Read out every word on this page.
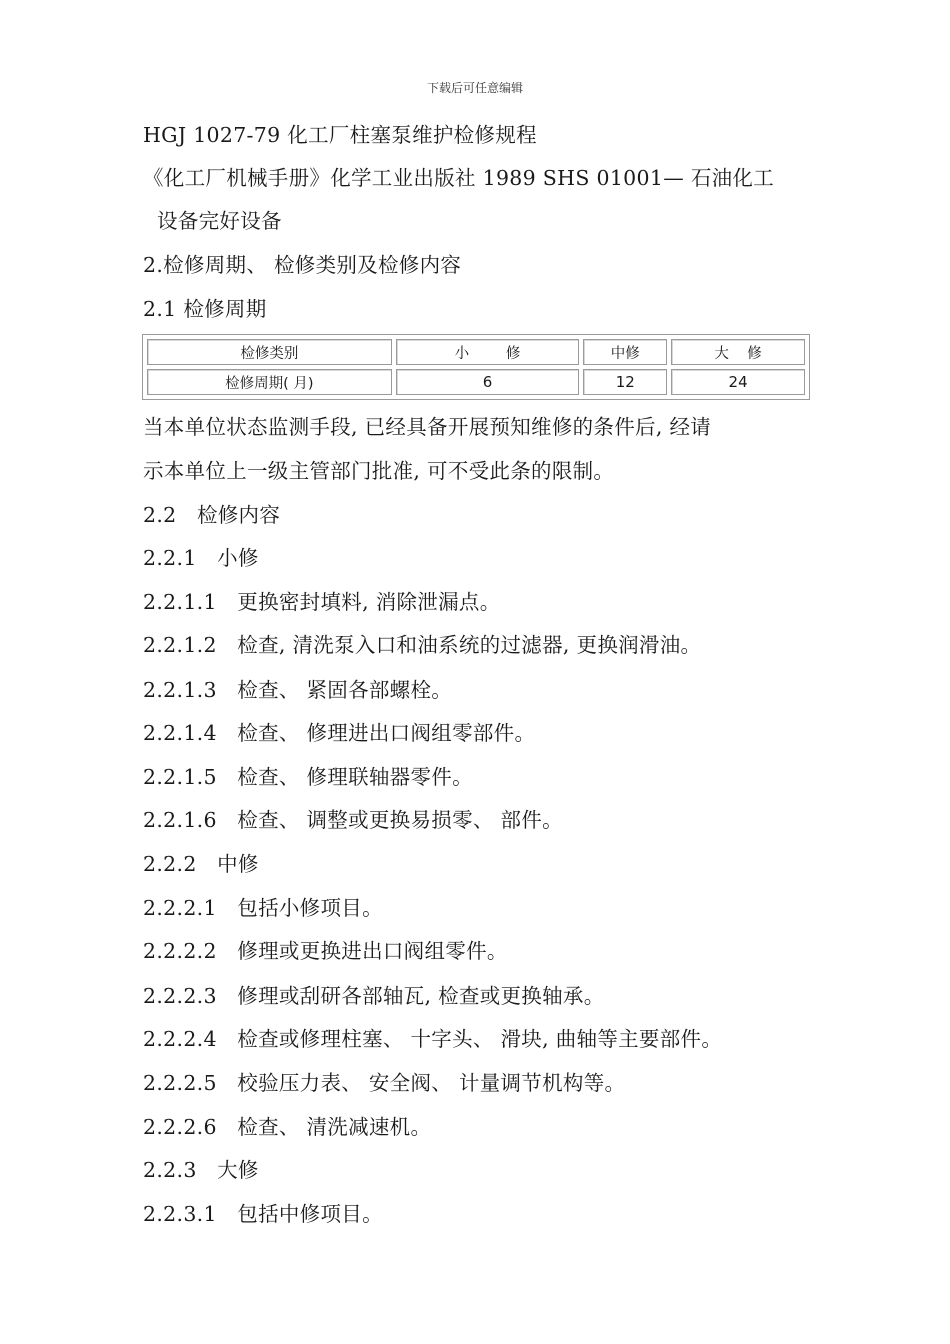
下载后可任意编辑
HGJ 1027-79 化工厂柱塞泵维护检修规程
《化工厂机械手册》化学工业出版社 1989 SHS 01001— 石油化工
设备完好设备
2.检修周期、 检修类别及检修内容
2.1 检修周期
检修类别	小        修	中修	大    修
检修周期( 月)	6	12	24
当本单位状态监测手段, 已经具备开展预知维修的条件后, 经请
示本单位上一级主管部门批准, 可不受此条的限制。
2.2   检修内容
2.2.1   小修
2.2.1.1   更换密封填料, 消除泄漏点。
2.2.1.2   检查, 清洗泵入口和油系统的过滤器, 更换润滑油。
2.2.1.3   检查、 紧固各部螺栓。
2.2.1.4   检查、 修理进出口阀组零部件。
2.2.1.5   检查、 修理联轴器零件。
2.2.1.6   检查、 调整或更换易损零、 部件。
2.2.2   中修
2.2.2.1   包括小修项目。
2.2.2.2   修理或更换进出口阀组零件。
2.2.2.3   修理或刮研各部轴瓦, 检查或更换轴承。
2.2.2.4   检查或修理柱塞、 十字头、 滑块, 曲轴等主要部件。
2.2.2.5   校验压力表、 安全阀、 计量调节机构等。
2.2.2.6   检查、 清洗减速机。
2.2.3   大修
2.2.3.1   包括中修项目。
